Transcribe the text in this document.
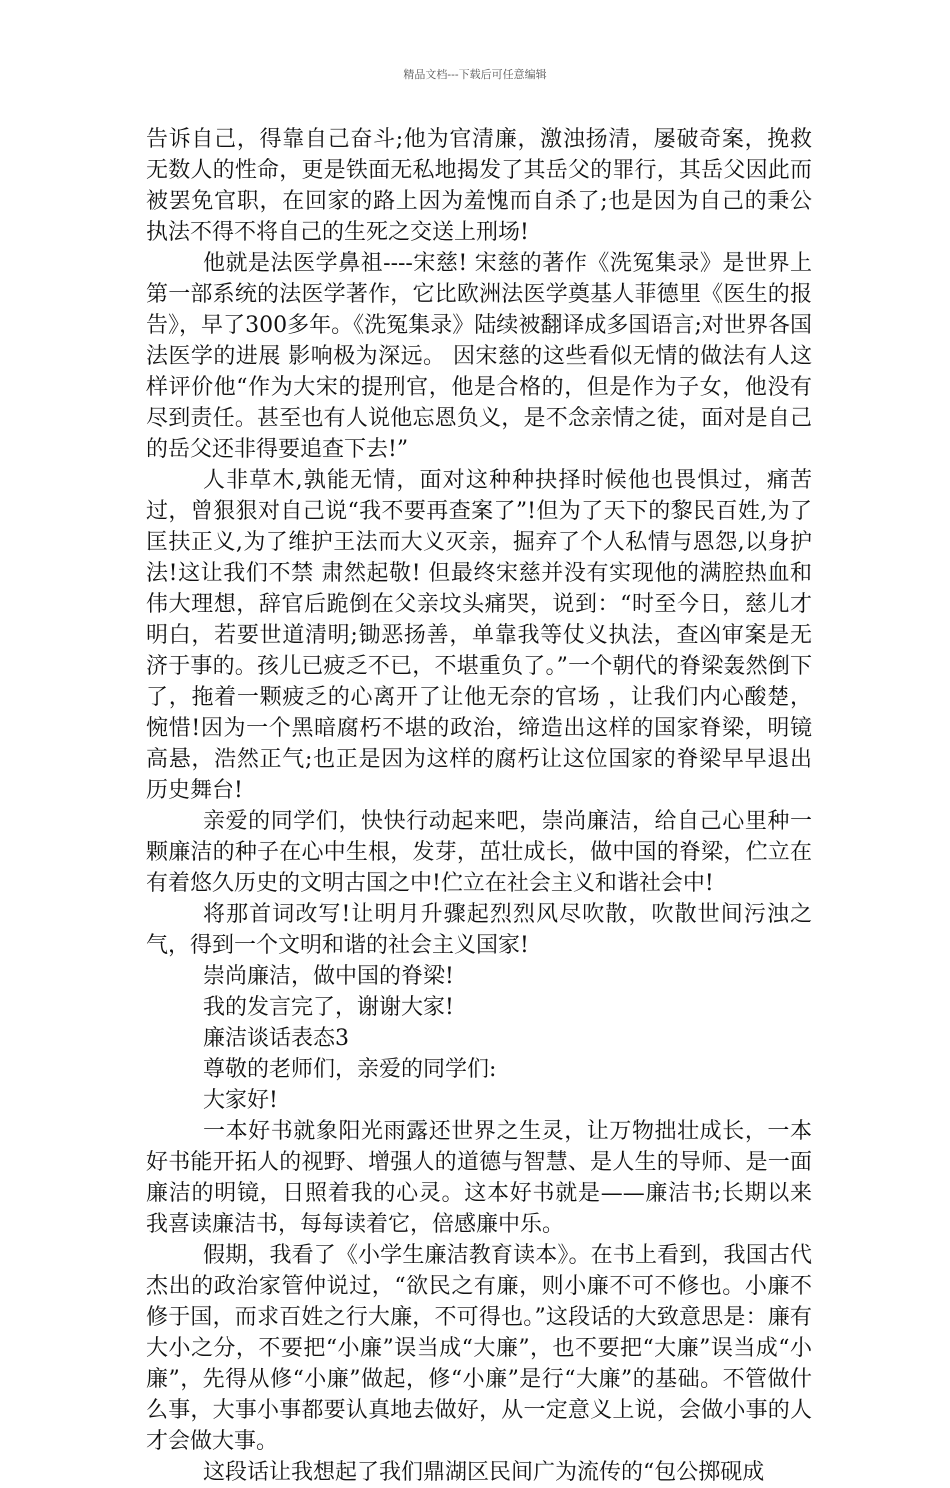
精品文档---下载后可任意编辑

告诉自己，得靠自己奋斗;他为官清廉，激浊扬清，屡破奇案，挽救无数人的性命，更是铁面无私地揭发了其岳父的罪行，其岳父因此而被罢免官职，在回家的路上因为羞愧而自杀了;也是因为自己的秉公执法不得不将自己的生死之交送上刑场!

他就是法医学鼻祖----宋慈! 宋慈的著作《洗冤集录》是世界上第一部系统的法医学著作，它比欧洲法医学奠基人菲德里《医生的报告》，早了300多年。《洗冤集录》陆续被翻译成多国语言;对世界各国法医学的进展 影响极为深远。 因宋慈的这些看似无情的做法有人这样评价他“作为大宋的提刑官，他是合格的，但是作为子女，他没有尽到责任。甚至也有人说他忘恩负义，是不念亲情之徒，面对是自己的岳父还非得要追查下去!”

人非草木,孰能无情，面对这种种抉择时候他也畏惧过，痛苦过，曾狠狠对自己说“我不要再查案了”!但为了天下的黎民百姓,为了匡扶正义,为了维护王法而大义灭亲，掘弃了个人私情与恩怨,以身护法!这让我们不禁 肃然起敬! 但最终宋慈并没有实现他的满腔热血和伟大理想，辞官后跪倒在父亲坟头痛哭，说到：“时至今日，慈儿才明白，若要世道清明;锄恶扬善，单靠我等仗义执法，查凶审案是无济于事的。孩儿已疲乏不已，不堪重负了。”一个朝代的脊梁轰然倒下了，拖着一颗疲乏的心离开了让他无奈的官场 ，让我们内心酸楚，惋惜!因为一个黑暗腐朽不堪的政治，缔造出这样的国家脊梁，明镜高悬，浩然正气;也正是因为这样的腐朽让这位国家的脊梁早早退出历史舞台!

亲爱的同学们，快快行动起来吧，崇尚廉洁，给自己心里种一颗廉洁的种子在心中生根，发芽，茁壮成长，做中国的脊梁，伫立在有着悠久历史的文明古国之中!伫立在社会主义和谐社会中!

将那首词改写!让明月升骤起烈烈风尽吹散，吹散世间污浊之气，得到一个文明和谐的社会主义国家!

崇尚廉洁，做中国的脊梁!

我的发言完了，谢谢大家!

廉洁谈话表态3

尊敬的老师们，亲爱的同学们:

大家好!

一本好书就象阳光雨露还世界之生灵，让万物拙壮成长，一本好书能开拓人的视野、增强人的道德与智慧、是人生的导师、是一面廉洁的明镜，日照着我的心灵。这本好书就是——廉洁书;长期以来我喜读廉洁书，每每读着它，倍感廉中乐。

假期，我看了《小学生廉洁教育读本》。在书上看到，我国古代杰出的政治家管仲说过，“欲民之有廉，则小廉不可不修也。小廉不修于国，而求百姓之行大廉，不可得也。”这段话的大致意思是：廉有大小之分，不要把“小廉”误当成“大廉”，也不要把“大廉”误当成“小廉”，先得从修“小廉”做起，修“小廉”是行“大廉”的基础。不管做什么事，大事小事都要认真地去做好，从一定意义上说，会做小事的人才会做大事。

这段话让我想起了我们鼎湖区民间广为流传的“包公掷砚成
